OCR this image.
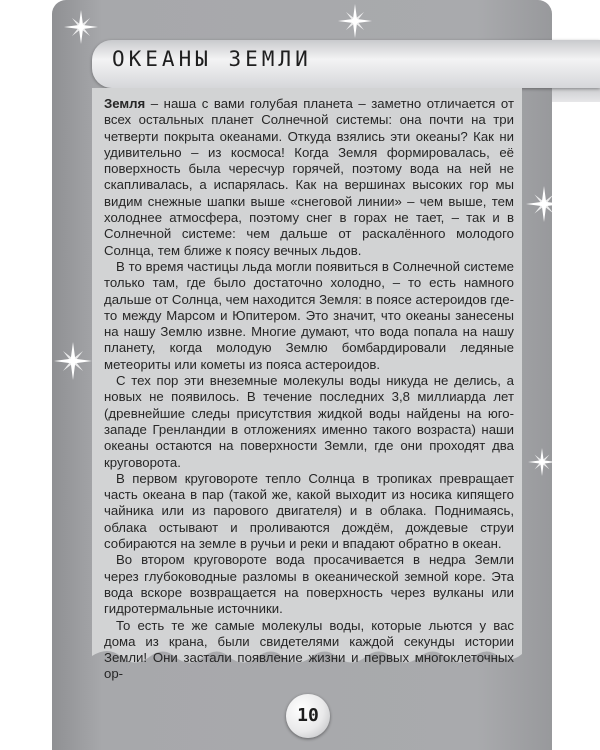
ОКЕАНЫ ЗЕМЛИ

Земля – наша с вами голубая планета – заметно отличается от всех остальных планет Солнечной системы: она почти на три четверти покрыта океанами. Откуда взялись эти океаны? Как ни удивительно – из космоса! Когда Земля формировалась, её поверхность была чересчур горячей, поэтому вода на ней не скапливалась, а испарялась. Как на вершинах высоких гор мы видим снежные шапки выше «снеговой линии» – чем выше, тем холоднее атмосфера, поэтому снег в горах не тает, – так и в Солнечной системе: чем дальше от раскалённого молодого Солнца, тем ближе к поясу вечных льдов.

В то время частицы льда могли появиться в Солнечной системе только там, где было достаточно холодно, – то есть намного дальше от Солнца, чем находится Земля: в поясе астероидов где-то между Марсом и Юпитером. Это значит, что океаны занесены на нашу Землю извне. Многие думают, что вода попала на нашу планету, когда молодую Землю бомбардировали ледяные метеориты или кометы из пояса астероидов.

С тех пор эти внеземные молекулы воды никуда не делись, а новых не появилось. В течение последних 3,8 миллиарда лет (древнейшие следы присутствия жидкой воды найдены на юго-западе Гренландии в отложениях именно такого возраста) наши океаны остаются на поверхности Земли, где они проходят два круговорота.

В первом круговороте тепло Солнца в тропиках превращает часть океана в пар (такой же, какой выходит из носика кипящего чайника или из парового двигателя) и в облака. Поднимаясь, облака остывают и проливаются дождём, дождевые струи собираются на земле в ручьи и реки и впадают обратно в океан.

Во втором круговороте вода просачивается в недра Земли через глубоководные разломы в океанической земной коре. Эта вода вскоре возвращается на поверхность через вулканы или гидротермальные источники.

То есть те же самые молекулы воды, которые льются у вас дома из крана, были свидетелями каждой секунды истории Земли! Они застали появление жизни и первых многоклеточных ор-

10
